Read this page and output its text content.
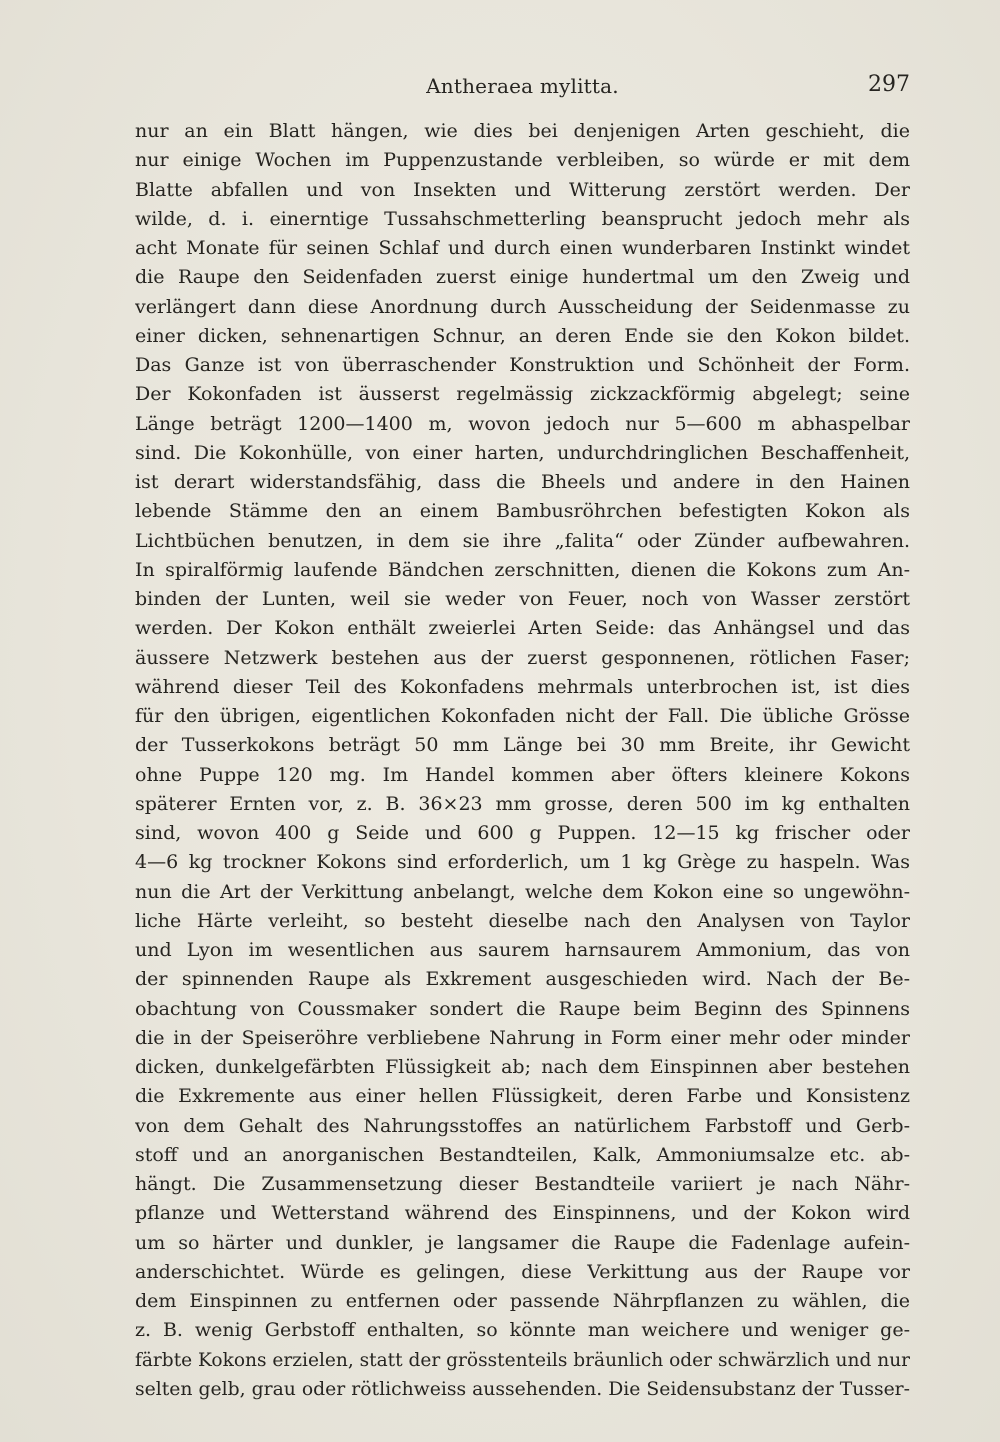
Antheraea mylitta.	297
nur an ein Blatt hängen, wie dies bei denjenigen Arten geschieht, die
nur einige Wochen im Puppenzustande verbleiben, so würde er mit dem
Blatte abfallen und von Insekten und Witterung zerstört werden. Der
wilde, d. i. einerntige Tussahschmetterling beansprucht jedoch mehr als
acht Monate für seinen Schlaf und durch einen wunderbaren Instinkt windet
die Raupe den Seidenfaden zuerst einige hundertmal um den Zweig und
verlängert dann diese Anordnung durch Ausscheidung der Seidenmasse zu
einer dicken, sehnenartigen Schnur, an deren Ende sie den Kokon bildet.
Das Ganze ist von überraschender Konstruktion und Schönheit der Form.
Der Kokonfaden ist äusserst regelmässig zickzackförmig abgelegt; seine
Länge beträgt 1200—1400 m, wovon jedoch nur 5—600 m abhaspelbar
sind. Die Kokonhülle, von einer harten, undurchdringlichen Beschaffenheit,
ist derart widerstandsfähig, dass die Bheels und andere in den Hainen
lebende Stämme den an einem Bambusröhrchen befestigten Kokon als
Lichtbüchen benutzen, in dem sie ihre „falita“ oder Zünder aufbewahren.
In spiralförmig laufende Bändchen zerschnitten, dienen die Kokons zum An-
binden der Lunten, weil sie weder von Feuer, noch von Wasser zerstört
werden. Der Kokon enthält zweierlei Arten Seide: das Anhängsel und das
äussere Netzwerk bestehen aus der zuerst gesponnenen, rötlichen Faser;
während dieser Teil des Kokonfadens mehrmals unterbrochen ist, ist dies
für den übrigen, eigentlichen Kokonfaden nicht der Fall. Die übliche Grösse
der Tusserkokons beträgt 50 mm Länge bei 30 mm Breite, ihr Gewicht
ohne Puppe 120 mg. Im Handel kommen aber öfters kleinere Kokons
späterer Ernten vor, z. B. 36×23 mm grosse, deren 500 im kg enthalten
sind, wovon 400 g Seide und 600 g Puppen. 12—15 kg frischer oder
4—6 kg trockner Kokons sind erforderlich, um 1 kg Grège zu haspeln. Was
nun die Art der Verkittung anbelangt, welche dem Kokon eine so ungewöhn-
liche Härte verleiht, so besteht dieselbe nach den Analysen von Taylor
und Lyon im wesentlichen aus saurem harnsaurem Ammonium, das von
der spinnenden Raupe als Exkrement ausgeschieden wird. Nach der Be-
obachtung von Coussmaker sondert die Raupe beim Beginn des Spinnens
die in der Speiseröhre verbliebene Nahrung in Form einer mehr oder minder
dicken, dunkelgefärbten Flüssigkeit ab; nach dem Einspinnen aber bestehen
die Exkremente aus einer hellen Flüssigkeit, deren Farbe und Konsistenz
von dem Gehalt des Nahrungsstoffes an natürlichem Farbstoff und Gerb-
stoff und an anorganischen Bestandteilen, Kalk, Ammoniumsalze etc. ab-
hängt. Die Zusammensetzung dieser Bestandteile variiert je nach Nähr-
pflanze und Wetterstand während des Einspinnens, und der Kokon wird
um so härter und dunkler, je langsamer die Raupe die Fadenlage aufein-
anderschichtet. Würde es gelingen, diese Verkittung aus der Raupe vor
dem Einspinnen zu entfernen oder passende Nährpflanzen zu wählen, die
z. B. wenig Gerbstoff enthalten, so könnte man weichere und weniger ge-
färbte Kokons erzielen, statt der grösstenteils bräunlich oder schwärzlich und nur
selten gelb, grau oder rötlichweiss aussehenden. Die Seidensubstanz der Tusser-
